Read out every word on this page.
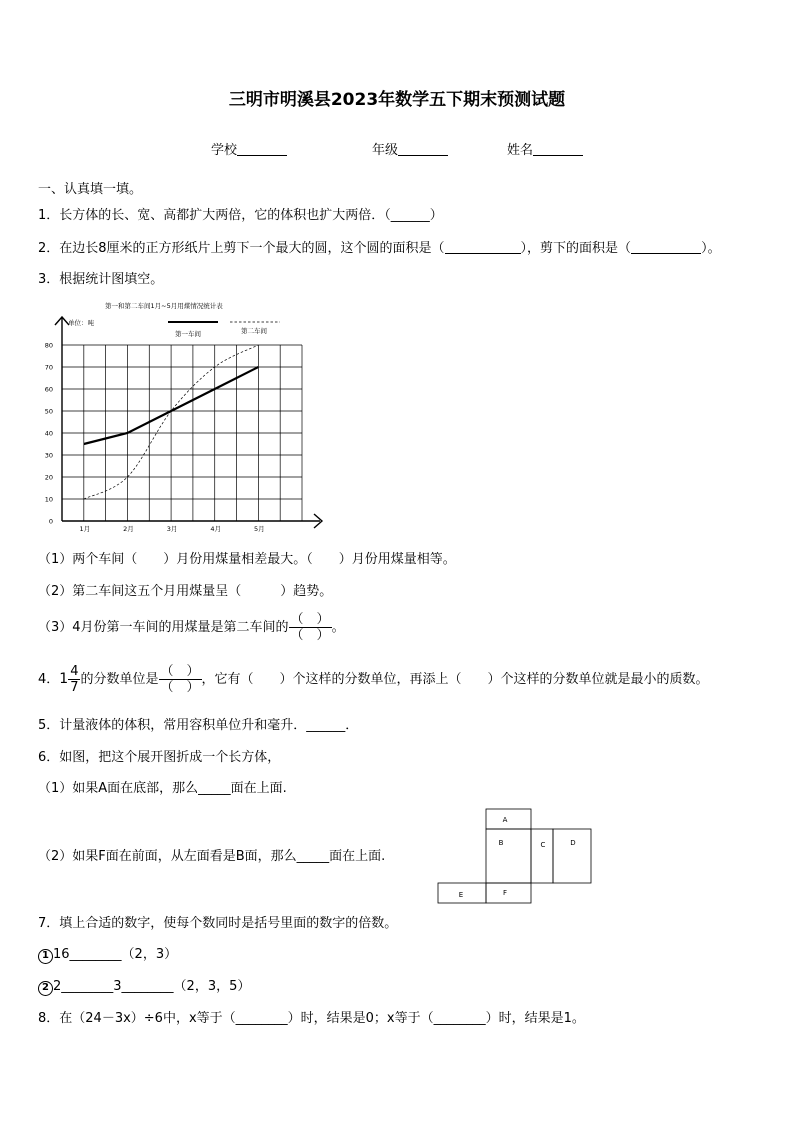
三明市明溪县2023年数学五下期末预测试题
学校	年级	姓名
一、认真填一填。
1．长方体的长、宽、高都扩大两倍，它的体积也扩大两倍．（______）
2．在边长8厘米的正方形纸片上剪下一个最大的圆，这个圆的面积是（	），剪下的面积是（	）。
3．根据统计图填空。
0
10
20
30
40
50
60
70
80
1月	2月	3月	4月	5月
第一和第二车间1月~5月用煤情况统计表
单位：吨
第一车间	第二车间
（1）两个车间（　　）月份用煤量相差最大。（　　）月份用煤量相等。
（2）第二车间这五个月用煤量呈（　　　）趋势。
（3）4月份第一车间的用煤量是第二车间的 $\frac{( )}{( )}$ 。
4．$1 \frac{4}{7}$ 的分数单位是 $\frac{( )}{( )}$ ，它有（　　）个这样的分数单位，再添上（　　）个这样的分数单位就是最小的质数。
5．计量液体的体积，常用容积单位升和毫升．______．
6．如图，把这个展开图折成一个长方体，
（1）如果A面在底部，那么_____面在上面.
（2）如果F面在前面，从左面看是B面，那么_____面在上面.
A
B	C	D
E	F
7．填上合适的数字，使每个数同时是括号里面的数字的倍数。
1 16________（2，3）
2 2________3________（2，3，5）
8．在（24－3x）÷6中，x等于（________）时，结果是0；x等于（________）时，结果是1。
